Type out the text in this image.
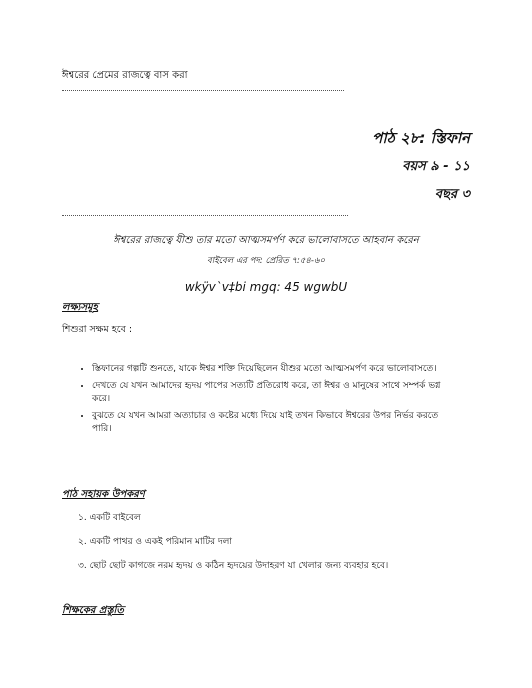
ঈশ্বরের প্রেমের রাজত্বে বাস করা
পাঠ ২৮: স্তিফান
বয়স ৯ - ১১
বছর ৩
ঈশ্বরের রাজত্বে যীশু তার মতো আত্মসমর্পণ করে ভালোবাসতে আহবান করেন
বাইবেল এর পদ: প্রেরিত ৭:৫৪-৬০
wkÿv`v‡bi mgq: 45 wgwbU
লক্ষ্যসমূহ
শিশুরা সক্ষম হবে :
• স্তিফানের গল্পটি শুনতে, যাকে ঈশ্বর শক্তি দিয়েছিলেন যীশুর মতো আত্মসমর্পণ করে ভালোবাসতে।
• দেখতে যে যখন আমাদের হৃদয় পাপের সত্যটি প্রতিরোধ করে, তা ঈশ্বর ও মানুষের সাথে সম্পর্ক ভগ্ন করে।
• বুঝতে যে যখন আমরা অত্যাচার ও কষ্টের মধ্যে দিয়ে যাই তখন কিভাবে ঈশ্বরের উপর নির্ভর করতে পারি।
পাঠ সহায়ক উপকরণ
১. একটি বাইবেল
২. একটি পাথর ও একই পরিমান মাটির দলা
৩. ছোট ছোট কাগজে নরম হৃদয় ও কঠিন হৃদয়ের উদাহরণ যা খেলার জন্য ব্যবহার হবে।
শিক্ষকের প্রস্তুতি
